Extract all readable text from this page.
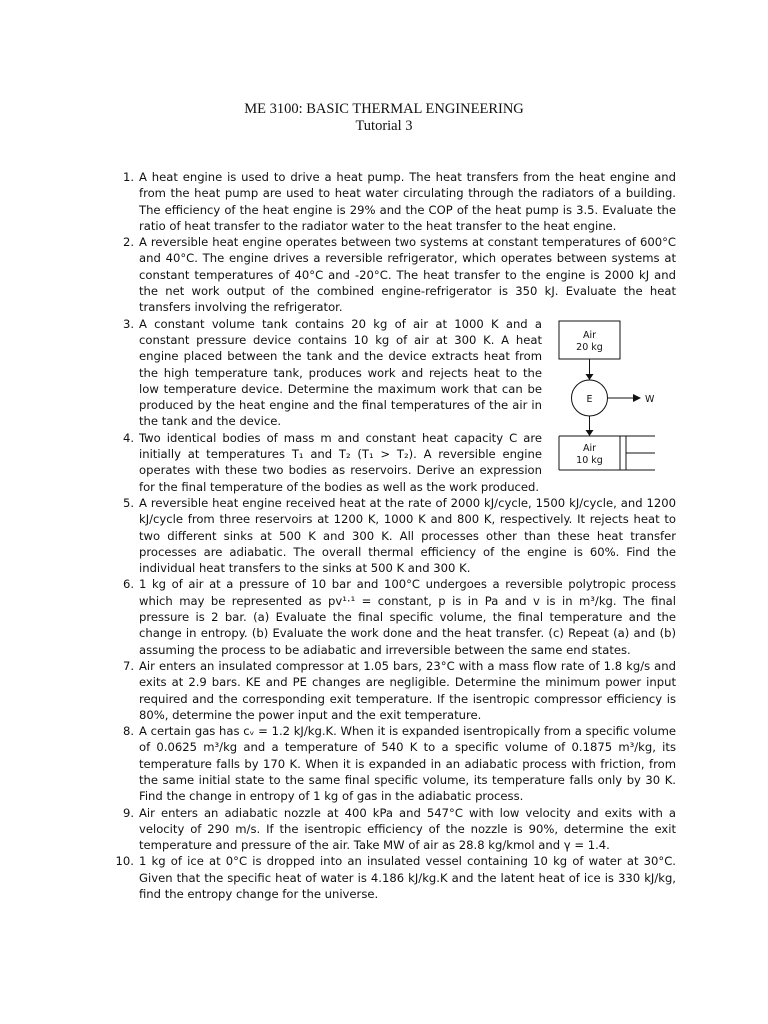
ME 3100: BASIC THERMAL ENGINEERING
Tutorial 3
1. A heat engine is used to drive a heat pump. The heat transfers from the heat engine and from the heat pump are used to heat water circulating through the radiators of a building. The efficiency of the heat engine is 29% and the COP of the heat pump is 3.5. Evaluate the ratio of heat transfer to the radiator water to the heat transfer to the heat engine.
2. A reversible heat engine operates between two systems at constant temperatures of 600°C and 40°C. The engine drives a reversible refrigerator, which operates between systems at constant temperatures of 40°C and -20°C. The heat transfer to the engine is 2000 kJ and the net work output of the combined engine-refrigerator is 350 kJ. Evaluate the heat transfers involving the refrigerator.
3. A constant volume tank contains 20 kg of air at 1000 K and a constant pressure device contains 10 kg of air at 300 K. A heat engine placed between the tank and the device extracts heat from the high temperature tank, produces work and rejects heat to the low temperature device. Determine the maximum work that can be produced by the heat engine and the final temperatures of the air in the tank and the device.
4. Two identical bodies of mass m and constant heat capacity C are initially at temperatures T₁ and T₂ (T₁ > T₂). A reversible engine operates with these two bodies as reservoirs. Derive an expression for the final temperature of the bodies as well as the work produced.
5. A reversible heat engine received heat at the rate of 2000 kJ/cycle, 1500 kJ/cycle, and 1200 kJ/cycle from three reservoirs at 1200 K, 1000 K and 800 K, respectively. It rejects heat to two different sinks at 500 K and 300 K. All processes other than these heat transfer processes are adiabatic. The overall thermal efficiency of the engine is 60%. Find the individual heat transfers to the sinks at 500 K and 300 K.
6. 1 kg of air at a pressure of 10 bar and 100°C undergoes a reversible polytropic process which may be represented as pv¹·¹ = constant, p is in Pa and v is in m³/kg. The final pressure is 2 bar. (a) Evaluate the final specific volume, the final temperature and the change in entropy. (b) Evaluate the work done and the heat transfer. (c) Repeat (a) and (b) assuming the process to be adiabatic and irreversible between the same end states.
7. Air enters an insulated compressor at 1.05 bars, 23°C with a mass flow rate of 1.8 kg/s and exits at 2.9 bars. KE and PE changes are negligible. Determine the minimum power input required and the corresponding exit temperature. If the isentropic compressor efficiency is 80%, determine the power input and the exit temperature.
8. A certain gas has cᵥ = 1.2 kJ/kg.K. When it is expanded isentropically from a specific volume of 0.0625 m³/kg and a temperature of 540 K to a specific volume of 0.1875 m³/kg, its temperature falls by 170 K. When it is expanded in an adiabatic process with friction, from the same initial state to the same final specific volume, its temperature falls only by 30 K. Find the change in entropy of 1 kg of gas in the adiabatic process.
9. Air enters an adiabatic nozzle at 400 kPa and 547°C with low velocity and exits with a velocity of 290 m/s. If the isentropic efficiency of the nozzle is 90%, determine the exit temperature and pressure of the air. Take MW of air as 28.8 kg/kmol and γ = 1.4.
10. 1 kg of ice at 0°C is dropped into an insulated vessel containing 10 kg of water at 30°C. Given that the specific heat of water is 4.186 kJ/kg.K and the latent heat of ice is 330 kJ/kg, find the entropy change for the universe.
Air
20 kg
E	W
Air
10 kg
